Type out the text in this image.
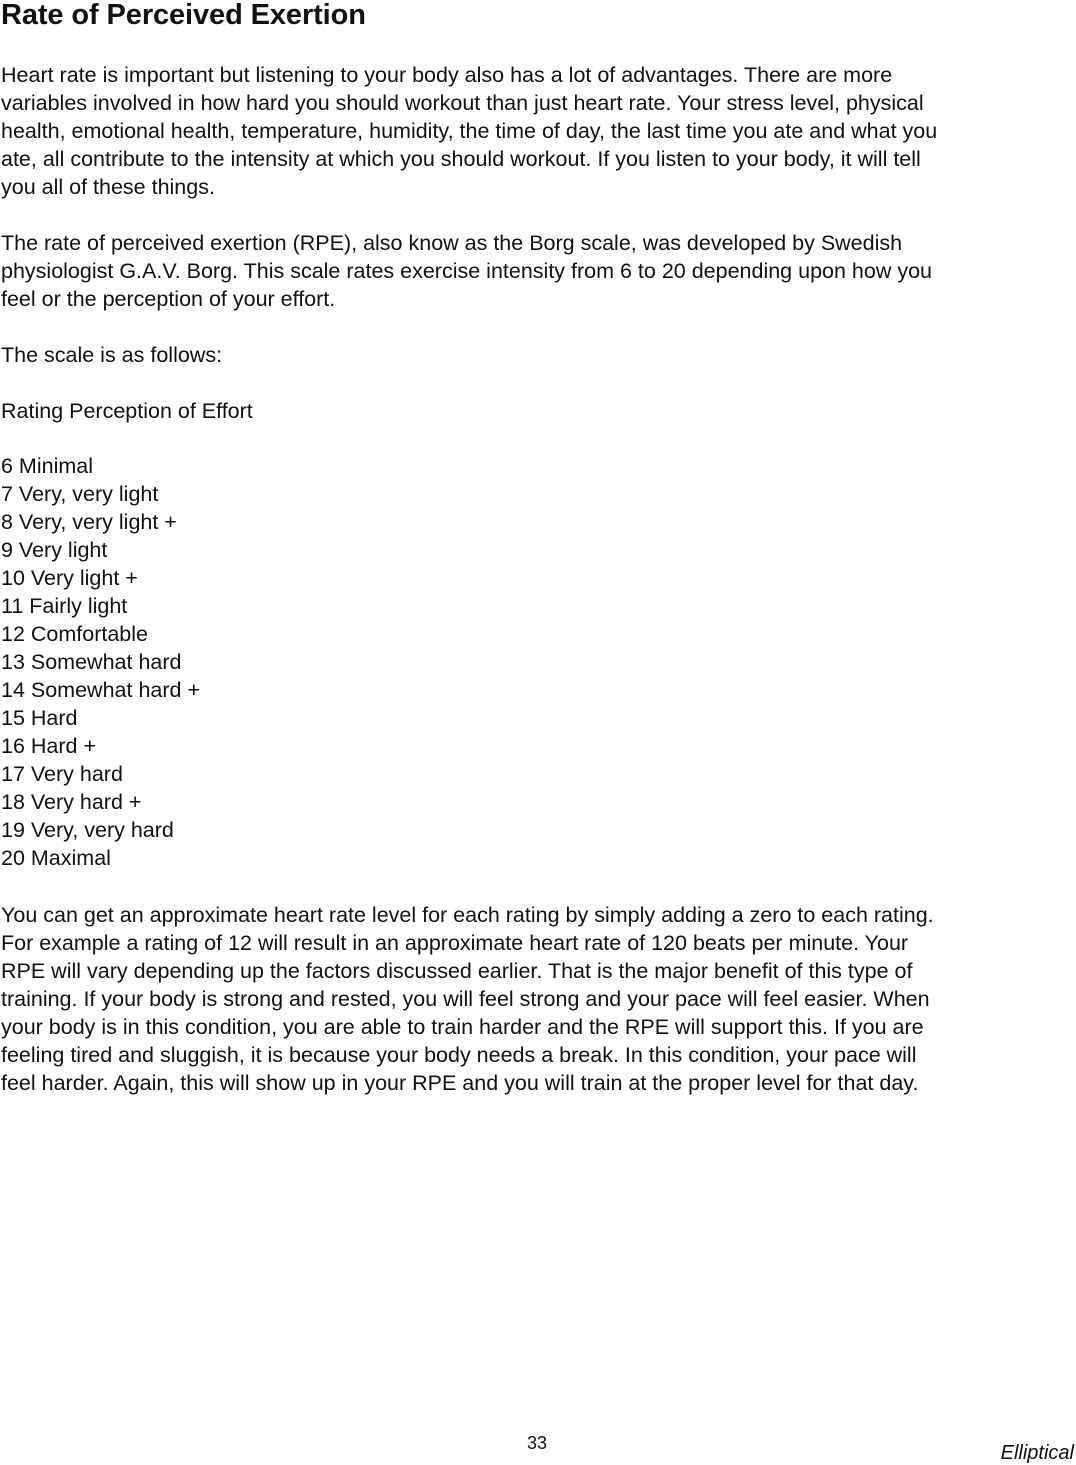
Rate of Perceived Exertion

Heart rate is important but listening to your body also has a lot of advantages. There are more
variables involved in how hard you should workout than just heart rate. Your stress level, physical
health, emotional health, temperature, humidity, the time of day, the last time you ate and what you
ate, all contribute to the intensity at which you should workout. If you listen to your body, it will tell
you all of these things.

The rate of perceived exertion (RPE), also know as the Borg scale, was developed by Swedish
physiologist G.A.V. Borg. This scale rates exercise intensity from 6 to 20 depending upon how you
feel or the perception of your effort.

The scale is as follows:

Rating Perception of Effort

6 Minimal
7 Very, very light
8 Very, very light +
9 Very light
10 Very light +
11 Fairly light
12 Comfortable
13 Somewhat hard
14 Somewhat hard +
15 Hard
16 Hard +
17 Very hard
18 Very hard +
19 Very, very hard
20 Maximal

You can get an approximate heart rate level for each rating by simply adding a zero to each rating.
For example a rating of 12 will result in an approximate heart rate of 120 beats per minute. Your
RPE will vary depending up the factors discussed earlier. That is the major benefit of this type of
training. If your body is strong and rested, you will feel strong and your pace will feel easier. When
your body is in this condition, you are able to train harder and the RPE will support this. If you are
feeling tired and sluggish, it is because your body needs a break. In this condition, your pace will
feel harder. Again, this will show up in your RPE and you will train at the proper level for that day.

33	Elliptical
